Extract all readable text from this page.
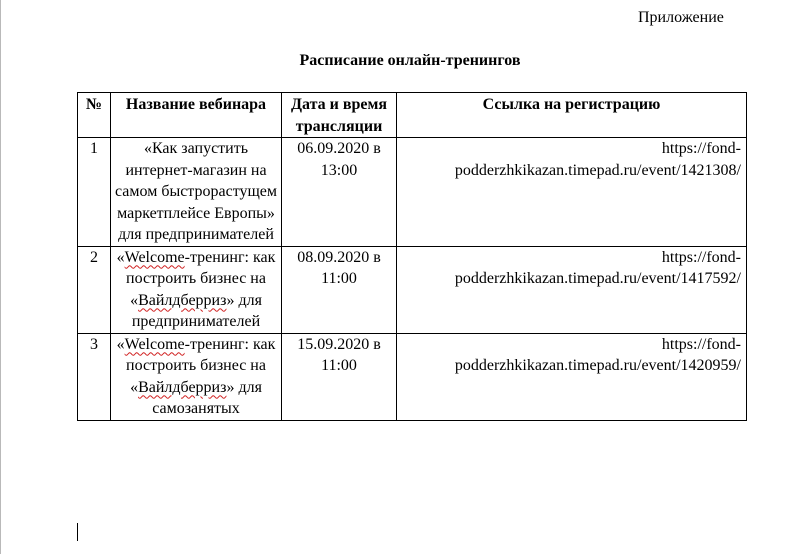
Приложение
Расписание онлайн-тренингов
№	Название вебинара	Дата и время трансляции	Ссылка на регистрацию
1	«Как запустить интернет-магазин на самом быстрорастущем маркетплейсе Европы» для предпринимателей	06.09.2020 в 13:00	https://fond-podderzhkikazan.timepad.ru/event/1421308/
2	«Welcome-тренинг: как построить бизнес на «Вайлдберриз» для предпринимателей	08.09.2020 в 11:00	https://fond-podderzhkikazan.timepad.ru/event/1417592/
3	«Welcome-тренинг: как построить бизнес на «Вайлдберриз» для самозанятых	15.09.2020 в 11:00	https://fond-podderzhkikazan.timepad.ru/event/1420959/
